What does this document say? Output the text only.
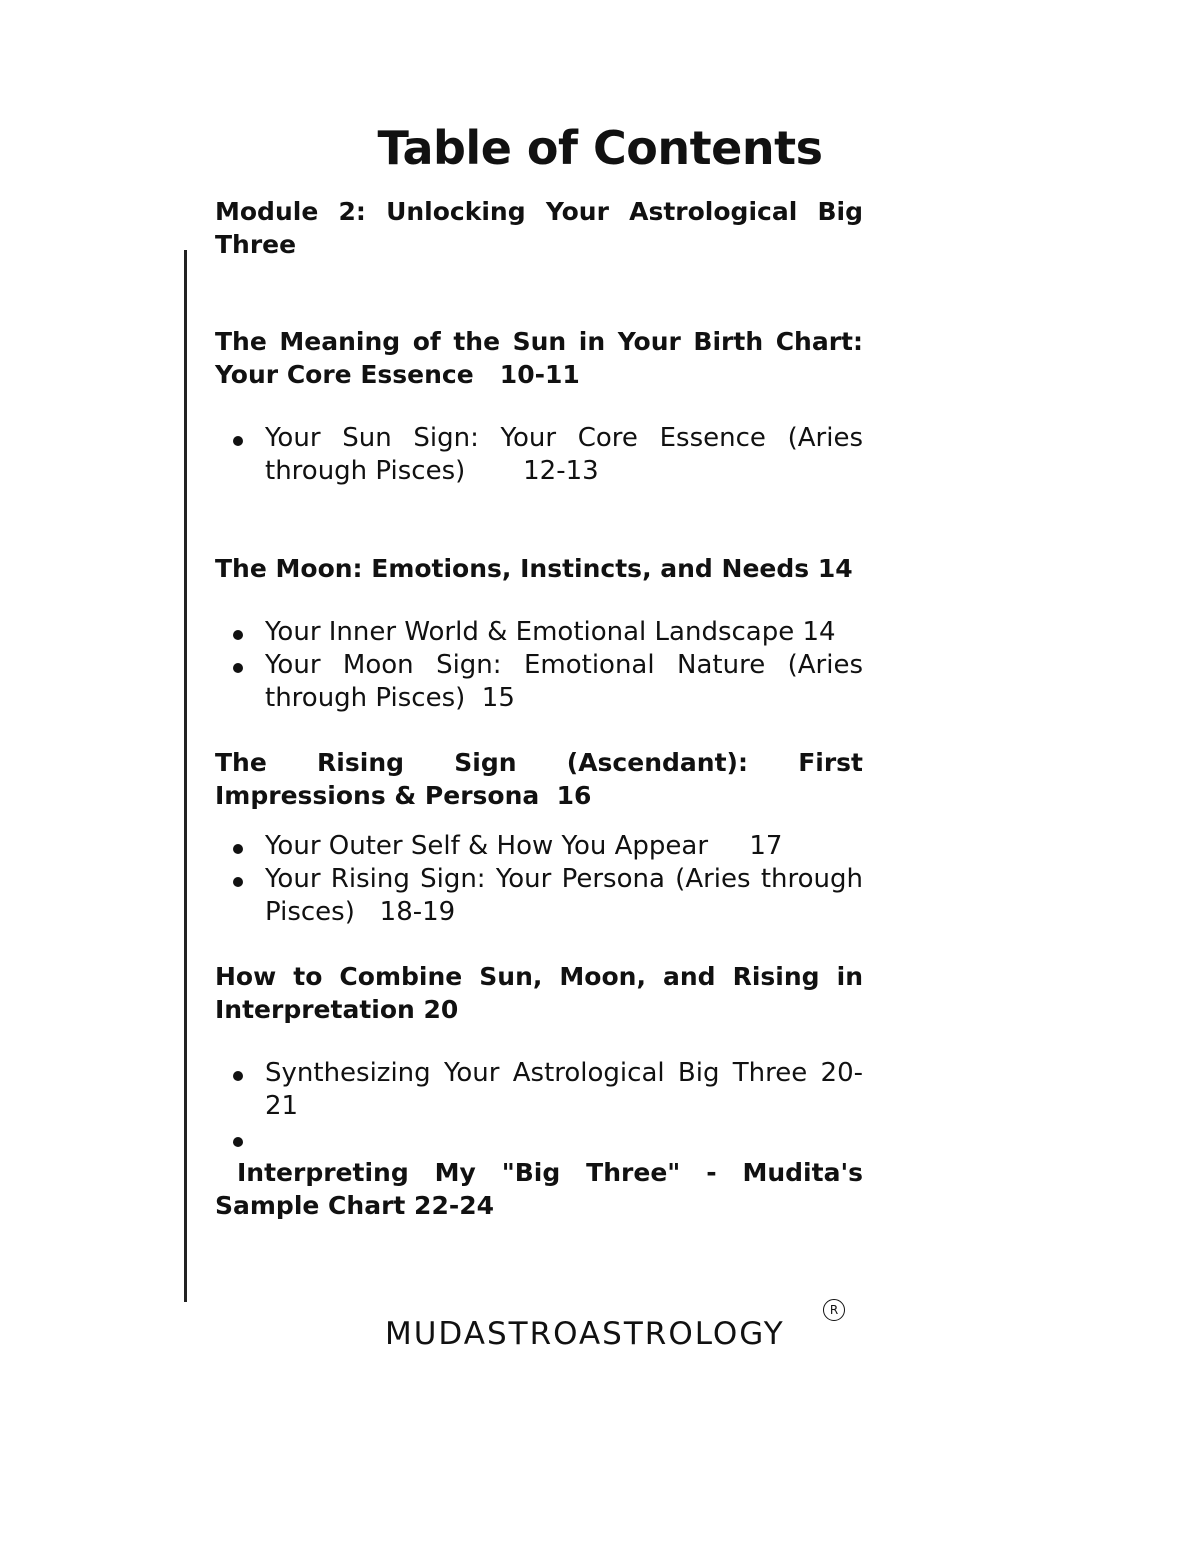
Table of Contents

Module 2: Unlocking Your Astrological Big Three

The Meaning of the Sun in Your Birth Chart: Your Core Essence   10-11

Your Sun Sign: Your Core Essence (Aries through Pisces)       12-13

The Moon: Emotions, Instincts, and Needs 14

Your Inner World & Emotional Landscape 14

Your Moon Sign: Emotional Nature (Aries through Pisces)  15

The Rising Sign (Ascendant): First Impressions & Persona  16

Your Outer Self & How You Appear     17

Your Rising Sign: Your Persona (Aries through Pisces)   18-19

How to Combine Sun, Moon, and Rising in Interpretation 20

Synthesizing Your Astrological Big Three 20-21

Interpreting My "Big Three" - Mudita's Sample Chart 22-24

MUDASTROASTROLOGY
R
